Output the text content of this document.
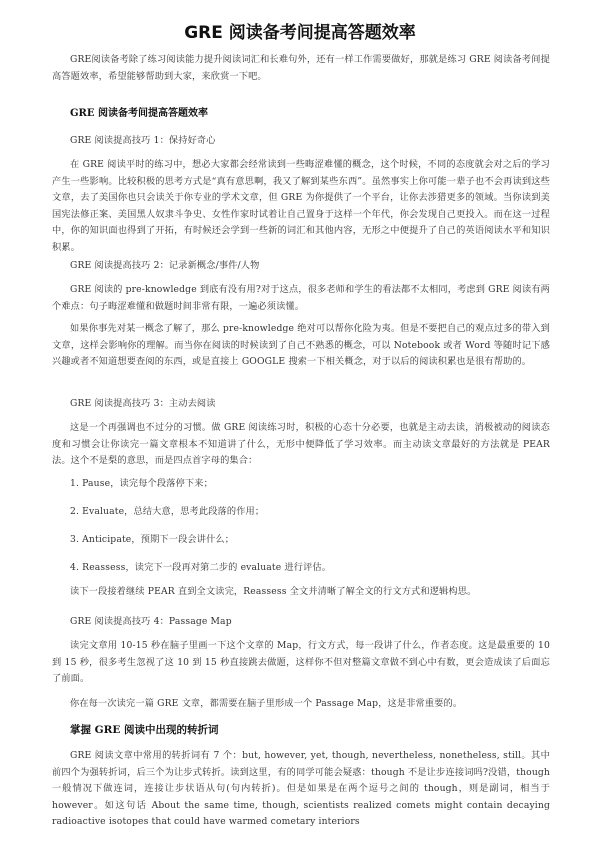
GRE 阅读备考间提高答题效率

GRE阅读备考除了练习阅读能力提升阅读词汇和长难句外，还有一样工作需要做好，那就是练习 GRE 阅读备考间提高答题效率，希望能够帮助到大家，来欣赏一下吧。

GRE 阅读备考间提高答题效率

GRE 阅读提高技巧 1：保持好奇心

在 GRE 阅读平时的练习中，想必大家都会经常读到一些晦涩难懂的概念，这个时候，不同的态度就会对之后的学习产生一些影响。比较积极的思考方式是“真有意思啊，我又了解到某些东西”。虽然事实上你可能一辈子也不会再读到这些文章，去了美国你也只会读关于你专业的学术文章，但 GRE 为你提供了一个平台，让你去涉猎更多的领域。当你读到美国宪法修正案、美国黑人奴隶斗争史、女性作家时试着让自己置身于这样一个年代，你会发现自己更投入。而在这一过程中，你的知识面也得到了开拓，有时候还会学到一些新的词汇和其他内容，无形之中便提升了自己的英语阅读水平和知识积累。

GRE 阅读提高技巧 2：记录新概念/事件/人物

GRE 阅读的 pre-knowledge 到底有没有用?对于这点，很多老师和学生的看法都不太相同，考虑到 GRE 阅读有两个难点：句子晦涩难懂和做题时间非常有限，一遍必须读懂。

如果你事先对某一概念了解了，那么 pre-knowledge 绝对可以帮你化险为夷。但是不要把自己的观点过多的带入到文章，这样会影响你的理解。而当你在阅读的时候读到了自己不熟悉的概念，可以 Notebook 或者 Word 等随时记下感兴趣或者不知道想要查阅的东西，或是直接上 GOOGLE 搜索一下相关概念，对于以后的阅读积累也是很有帮助的。

GRE 阅读提高技巧 3：主动去阅读

这是一个再强调也不过分的习惯。做 GRE 阅读练习时，积极的心态十分必要，也就是主动去读，消极被动的阅读态度和习惯会让你读完一篇文章根本不知道讲了什么，无形中便降低了学习效率。而主动读文章最好的方法就是 PEAR 法。这个不是梨的意思，而是四点首字母的集合：

1. Pause，读完每个段落停下来；

2. Evaluate，总结大意，思考此段落的作用；

3. Anticipate，预期下一段会讲什么；

4. Reassess，读完下一段再对第二步的 evaluate 进行评估。

读下一段接着继续 PEAR 直到全文读完，Reassess 全文并清晰了解全文的行文方式和逻辑构思。

GRE 阅读提高技巧 4：Passage Map

读完文章用 10-15 秒在脑子里画一下这个文章的 Map，行文方式，每一段讲了什么，作者态度。这是最重要的 10 到 15 秒，很多考生忽视了这 10 到 15 秒直接跳去做题，这样你不但对整篇文章做不到心中有数，更会造成读了后面忘了前面。

你在每一次读完一篇 GRE 文章，都需要在脑子里形成一个 Passage Map，这是非常重要的。

掌握 GRE 阅读中出现的转折词

GRE 阅读文章中常用的转折词有 7 个：but, however, yet, though, nevertheless, nonetheless, still。其中前四个为强转折词，后三个为让步式转折。读到这里，有的同学可能会疑惑：though 不是让步连接词吗?没错，though 一般情况下做连词，连接让步状语从句(句内转折)。但是如果是在两个逗号之间的 though，则是副词，相当于 however。如这句话 About the same time, though, scientists realized comets might contain decaying radioactive isotopes that could have warmed cometary interiors
